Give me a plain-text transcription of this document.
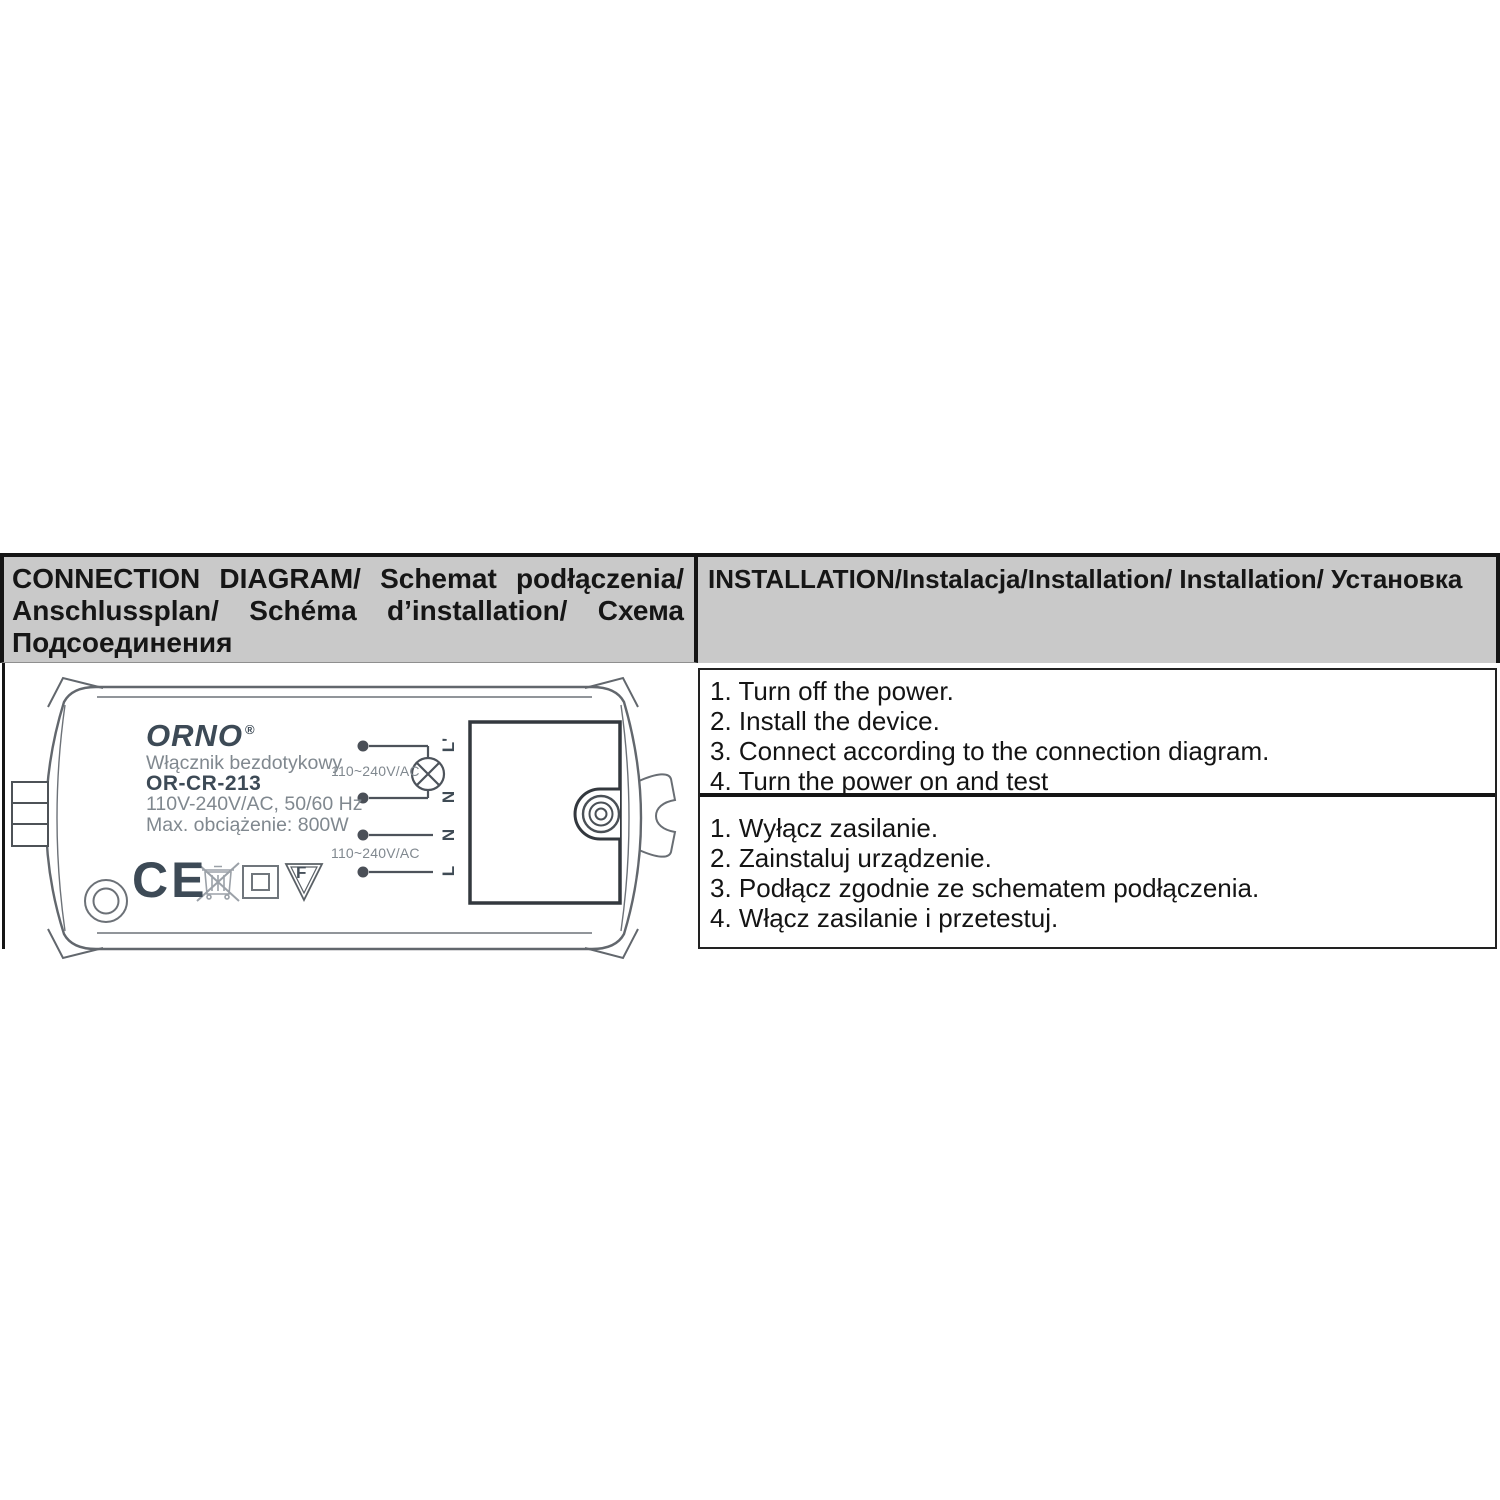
CONNECTION DIAGRAM/ Schemat podłączenia/ Anschlussplan/ Schéma d’installation/ Схема Подсоединения
INSTALLATION/Instalacja/Installation/ Installation/ Установка
ORNO ®
Włącznik bezdotykowy
OR-CR-213
110V-240V/AC, 50/60 Hz
Max. obciążenie: 800W
CE	F
110~240V/AC
110~240V/AC
L'
N
N
L
1. Turn off the power.
2. Install the device.
3. Connect according to the connection diagram.
4. Turn the power on and test
1. Wyłącz zasilanie.
2. Zainstaluj urządzenie.
3. Podłącz zgodnie ze schematem podłączenia.
4. Włącz zasilanie i przetestuj.
